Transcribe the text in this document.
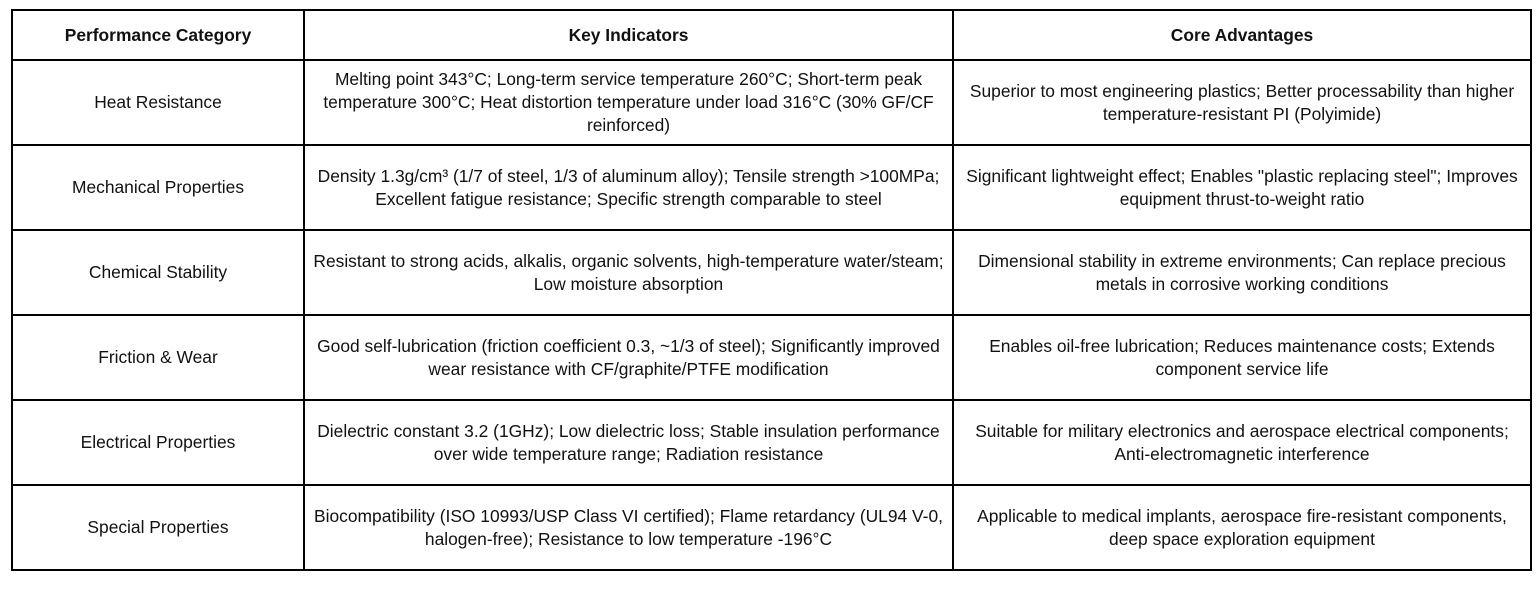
Performance Category	Key Indicators	Core Advantages
Heat Resistance	Melting point 343°C; Long-term service temperature 260°C; Short-term peak temperature 300°C; Heat distortion temperature under load 316°C (30% GF/CF reinforced)	Superior to most engineering plastics; Better processability than higher temperature-resistant PI (Polyimide)
Mechanical Properties	Density 1.3g/cm³ (1/7 of steel, 1/3 of aluminum alloy); Tensile strength >100MPa; Excellent fatigue resistance; Specific strength comparable to steel	Significant lightweight effect; Enables "plastic replacing steel"; Improves equipment thrust-to-weight ratio
Chemical Stability	Resistant to strong acids, alkalis, organic solvents, high-temperature water/steam; Low moisture absorption	Dimensional stability in extreme environments; Can replace precious metals in corrosive working conditions
Friction & Wear	Good self-lubrication (friction coefficient 0.3, ~1/3 of steel); Significantly improved wear resistance with CF/graphite/PTFE modification	Enables oil-free lubrication; Reduces maintenance costs; Extends component service life
Electrical Properties	Dielectric constant 3.2 (1GHz); Low dielectric loss; Stable insulation performance over wide temperature range; Radiation resistance	Suitable for military electronics and aerospace electrical components; Anti-electromagnetic interference
Special Properties	Biocompatibility (ISO 10993/USP Class VI certified); Flame retardancy (UL94 V-0, halogen-free); Resistance to low temperature -196°C	Applicable to medical implants, aerospace fire-resistant components, deep space exploration equipment
